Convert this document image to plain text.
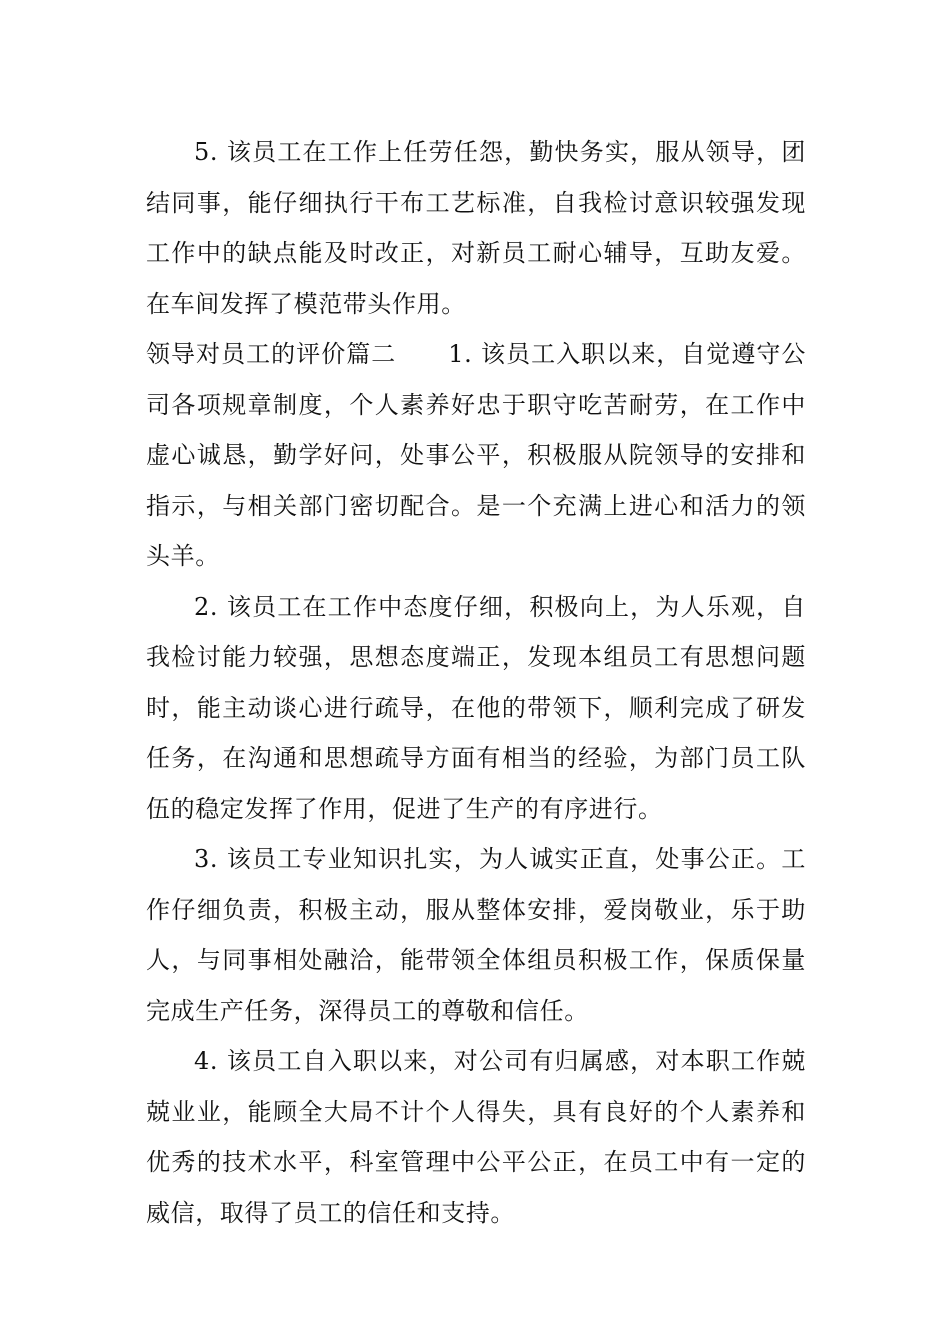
5. 该员工在工作上任劳任怨，勤快务实，服从领导，团结同事，能仔细执行干布工艺标准，自我检讨意识较强发现工作中的缺点能及时改正，对新员工耐心辅导，互助友爱。在车间发挥了模范带头作用。

领导对员工的评价篇二 1. 该员工入职以来，自觉遵守公司各项规章制度，个人素养好忠于职守吃苦耐劳，在工作中虚心诚恳，勤学好问，处事公平，积极服从院领导的安排和指示，与相关部门密切配合。是一个充满上进心和活力的领头羊。

2. 该员工在工作中态度仔细，积极向上，为人乐观，自我检讨能力较强，思想态度端正，发现本组员工有思想问题时，能主动谈心进行疏导，在他的带领下，顺利完成了研发任务，在沟通和思想疏导方面有相当的经验，为部门员工队伍的稳定发挥了作用，促进了生产的有序进行。

3. 该员工专业知识扎实，为人诚实正直，处事公正。工作仔细负责，积极主动，服从整体安排，爱岗敬业，乐于助人，与同事相处融洽，能带领全体组员积极工作，保质保量完成生产任务，深得员工的尊敬和信任。

4. 该员工自入职以来，对公司有归属感，对本职工作兢兢业业，能顾全大局不计个人得失，具有良好的个人素养和优秀的技术水平，科室管理中公平公正，在员工中有一定的威信，取得了员工的信任和支持。
